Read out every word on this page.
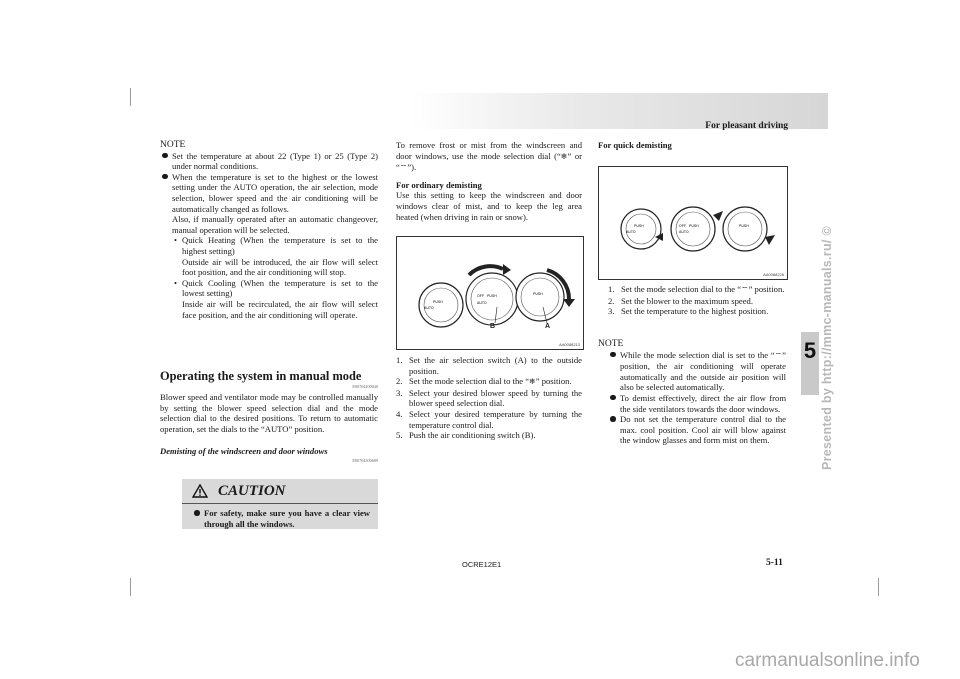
For pleasant driving
5 Presented by http://mmc-manuals.ru/ ©

NOTE

Set the temperature at about 22 (Type 1) or 25 (Type 2) under normal conditions.

When the temperature is set to the highest or the lowest setting under the AUTO operation, the air selection, mode selection, blower speed and the air conditioning will be automatically changed as follows.

Also, if manually operated after an automatic changeover, manual operation will be selected.

• Quick Heating (When the temperature is set to the highest setting)

Outside air will be introduced, the air flow will select foot position, and the air conditioning will stop.

• Quick Cooling (When the temperature is set to the lowest setting)

Inside air will be recirculated, the air flow will select face position, and the air conditioning will operate.

Operating the system in manual mode
E00704200040
Blower speed and ventilator mode may be controlled manually by setting the blower speed selection dial and the mode selection dial to the desired positions. To return to automatic operation, set the dials to the “AUTO” position.
Demisting of the windscreen and door windows
E00704300689
CAUTION
For safety, make sure you have a clear view through all the windows.

To remove frost or mist from the windscreen and door windows, use the mode selection dial (“❄” or “⌔”).

For ordinary demisting

Use this setting to keep the windscreen and door windows clear of mist, and to keep the leg area heated (when driving in rain or snow).

PUSH
AUTO
OFF PUSH
AUTO
PUSH
B	A
AA0088213
1. Set the air selection switch (A) to the outside position.
2. Set the mode selection dial to the “❄” position.
3. Select your desired blower speed by turning the blower speed selection dial.
4. Select your desired temperature by turning the temperature control dial.
5. Push the air conditioning switch (B).
For quick demisting
PUSH
AUTO
OFF PUSH
AUTO
PUSH
AA0088226
1. Set the mode selection dial to the “⌔” position.
2. Set the blower to the maximum speed.
3. Set the temperature to the highest position.

NOTE

While the mode selection dial is set to the “⌔” position, the air conditioning will operate automatically and the outside air position will also be selected automatically.

To demist effectively, direct the air flow from the side ventilators towards the door windows.

Do not set the temperature control dial to the max. cool position. Cool air will blow against the window glasses and form mist on them.

OCRE12E1	5-11
carmanualsonline.info
